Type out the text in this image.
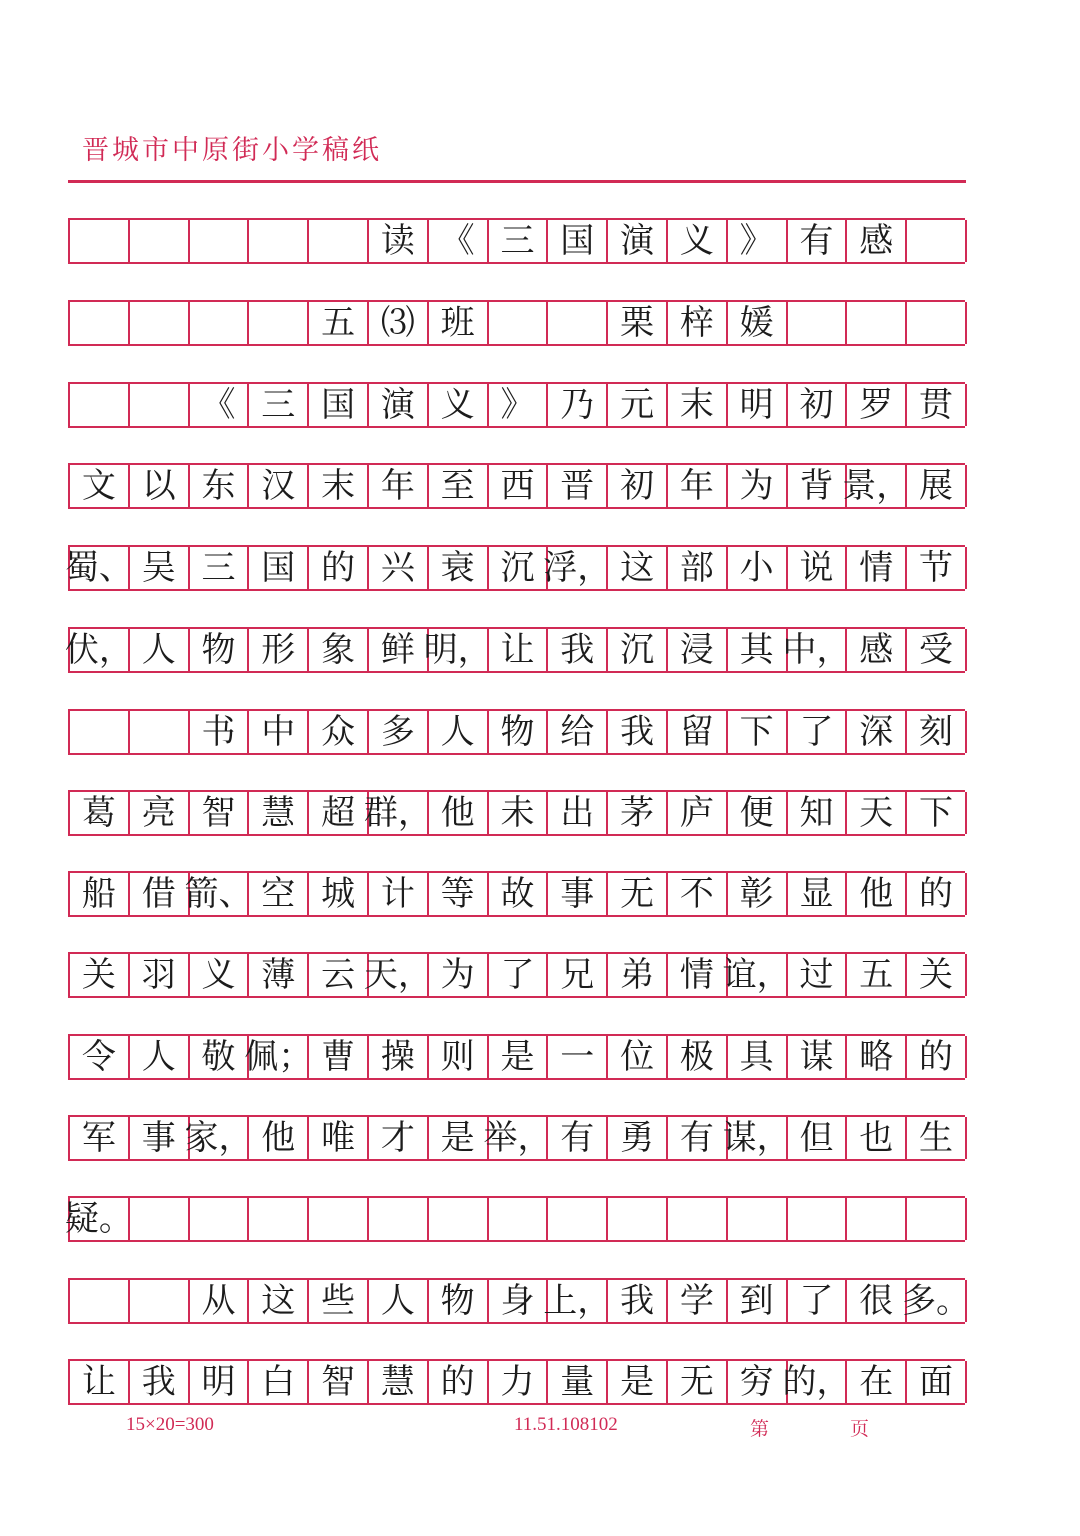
晋城市中原街小学稿纸
读 《 三 国 演 义 》 有 感
五 ⑶ 班	栗 梓 媛
《 三 国 演 义 》 乃 元 末 明 初 罗 贯
文 以 东 汉 末 年 至 西 晋 初 年 为 背 景， 展
蜀、 吴 三 国 的 兴 衰 沉 浮， 这 部 小 说 情 节
伏， 人 物 形 象 鲜 明， 让 我 沉 浸 其 中， 感 受
书 中 众 多 人 物 给 我 留 下 了 深 刻
葛 亮 智 慧 超 群， 他 未 出 茅 庐 便 知 天 下
船 借 箭、 空 城 计 等 故 事 无 不 彰 显 他 的
关 羽 义 薄 云 天， 为 了 兄 弟 情 谊， 过 五 关
令 人 敬 佩； 曹 操 则 是 一 位 极 具 谋 略 的
军 事 家， 他 唯 才 是 举， 有 勇 有 谋， 但 也 生
疑。
从 这 些 人 物 身 上， 我 学 到 了 很 多。
让 我 明 白 智 慧 的 力 量 是 无 穷 的， 在 面
15×20=300	11.51.108102	第	页
